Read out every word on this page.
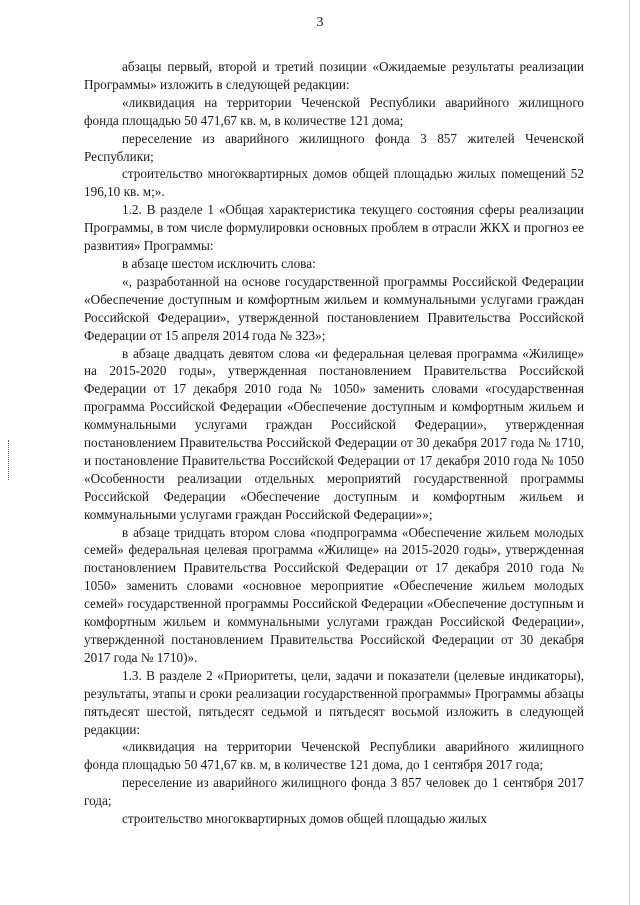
3

абзацы первый, второй и третий позиции «Ожидаемые результаты реализации Программы» изложить в следующей редакции:

«ликвидация на территории Чеченской Республики аварийного жилищного фонда площадью 50 471,67 кв. м, в количестве 121 дома;

переселение из аварийного жилищного фонда 3 857 жителей Чеченской Республики;

строительство многоквартирных домов общей площадью жилых помещений 52 196,10 кв. м;».

1.2. В разделе 1 «Общая характеристика текущего состояния сферы реализации Программы, в том числе формулировки основных проблем в отрасли ЖКХ и прогноз ее развития» Программы:

в абзаце шестом исключить слова:

«, разработанной на основе государственной программы Российской Федерации «Обеспечение доступным и комфортным жильем и коммунальными услугами граждан Российской Федерации», утвержденной постановлением Правительства Российской Федерации от 15 апреля 2014 года № 323»;

в абзаце двадцать девятом слова «и федеральная целевая программа «Жилище» на 2015-2020 годы», утвержденная постановлением Правительства Российской Федерации от 17 декабря 2010 года № 1050» заменить словами «государственная программа Российской Федерации «Обеспечение доступным и комфортным жильем и коммунальными услугами граждан Российской Федерации», утвержденная постановлением Правительства Российской Федерации от 30 декабря 2017 года № 1710, и постановление Правительства Российской Федерации от 17 декабря 2010 года № 1050 «Особенности реализации отдельных мероприятий государственной программы Российской Федерации «Обеспечение доступным и комфортным жильем и коммунальными услугами граждан Российской Федерации»»;

в абзаце тридцать втором слова «подпрограмма «Обеспечение жильем молодых семей» федеральная целевая программа «Жилище» на 2015-2020 годы», утвержденная постановлением Правительства Российской Федерации от 17 декабря 2010 года № 1050» заменить словами «основное мероприятие «Обеспечение жильем молодых семей» государственной программы Российской Федерации «Обеспечение доступным и комфортным жильем и коммунальными услугами граждан Российской Федерации», утвержденной постановлением Правительства Российской Федерации от 30 декабря 2017 года № 1710)».

1.3. В разделе 2 «Приоритеты, цели, задачи и показатели (целевые индикаторы), результаты, этапы и сроки реализации государственной программы» Программы абзацы пятьдесят шестой, пятьдесят седьмой и пятьдесят восьмой изложить в следующей редакции:

«ликвидация на территории Чеченской Республики аварийного жилищного фонда площадью 50 471,67 кв. м, в количестве 121 дома, до 1 сентября 2017 года;

переселение из аварийного жилищного фонда 3 857 человек до 1 сентября 2017 года;

строительство многоквартирных домов общей площадью жилых
